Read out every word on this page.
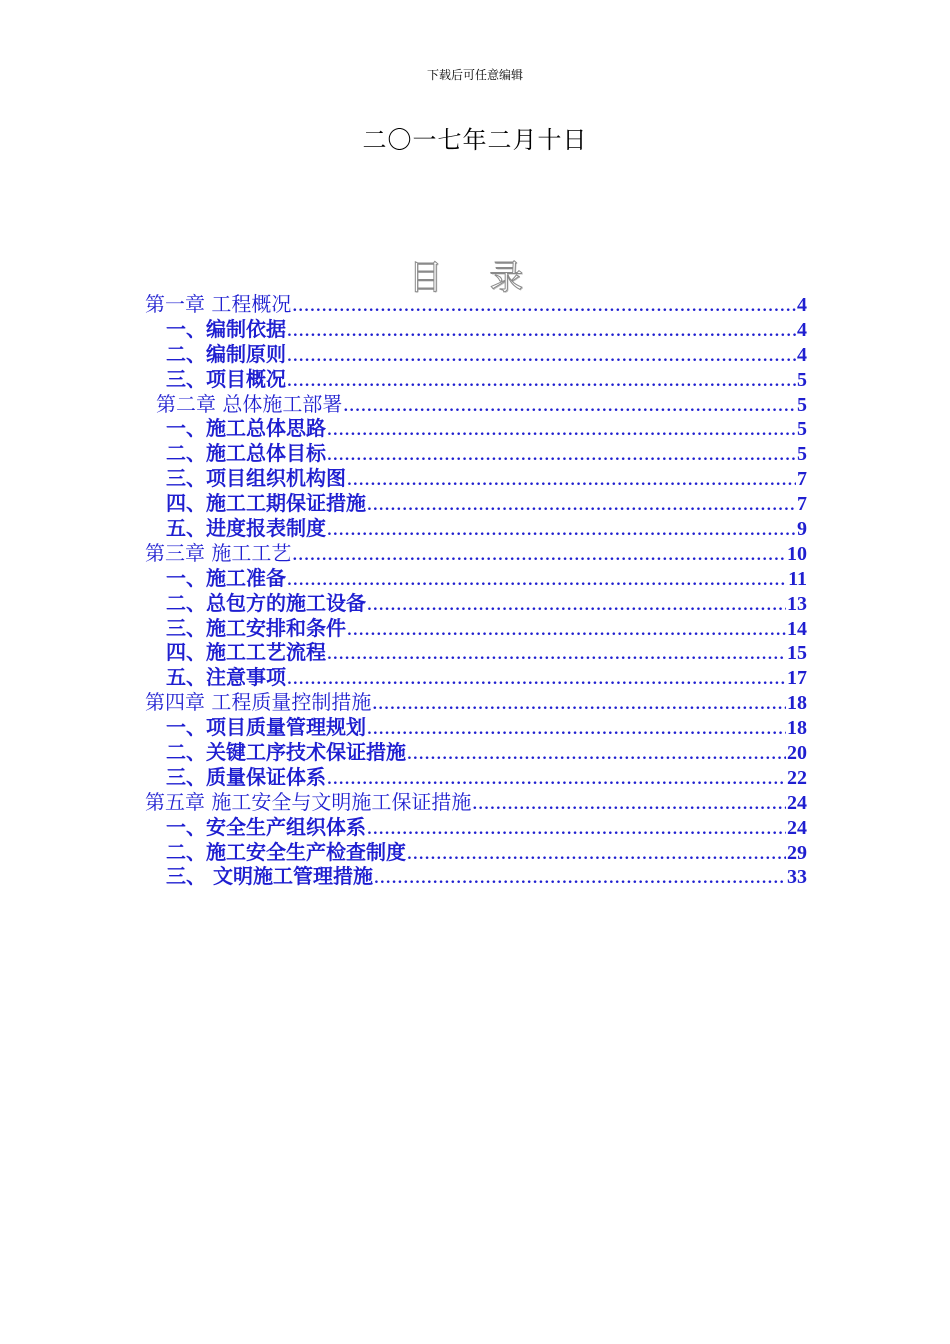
下载后可任意编辑
二〇一七年二月十日
目 录
第一章 工程概况 .....	4
一、编制依据 .....	4
二、编制原则 .....	4
三、项目概况 .....	5
第二章 总体施工部署 .....	5
一、施工总体思路 .....	5
二、施工总体目标 .....	5
三、项目组织机构图 .....	7
四、施工工期保证措施 .....	7
五、进度报表制度 .....	9
第三章 施工工艺 .....	10
一、施工准备 .....	11
二、总包方的施工设备 .....	13
三、施工安排和条件 .....	14
四、施工工艺流程 .....	15
五、注意事项 .....	17
第四章 工程质量控制措施 .....	18
一、项目质量管理规划 .....	18
二、关键工序技术保证措施 .....	20
三、质量保证体系 .....	22
第五章 施工安全与文明施工保证措施 .....	24
一、安全生产组织体系 .....	24
二、施工安全生产检查制度 .....	29
三、 文明施工管理措施 .....	33
